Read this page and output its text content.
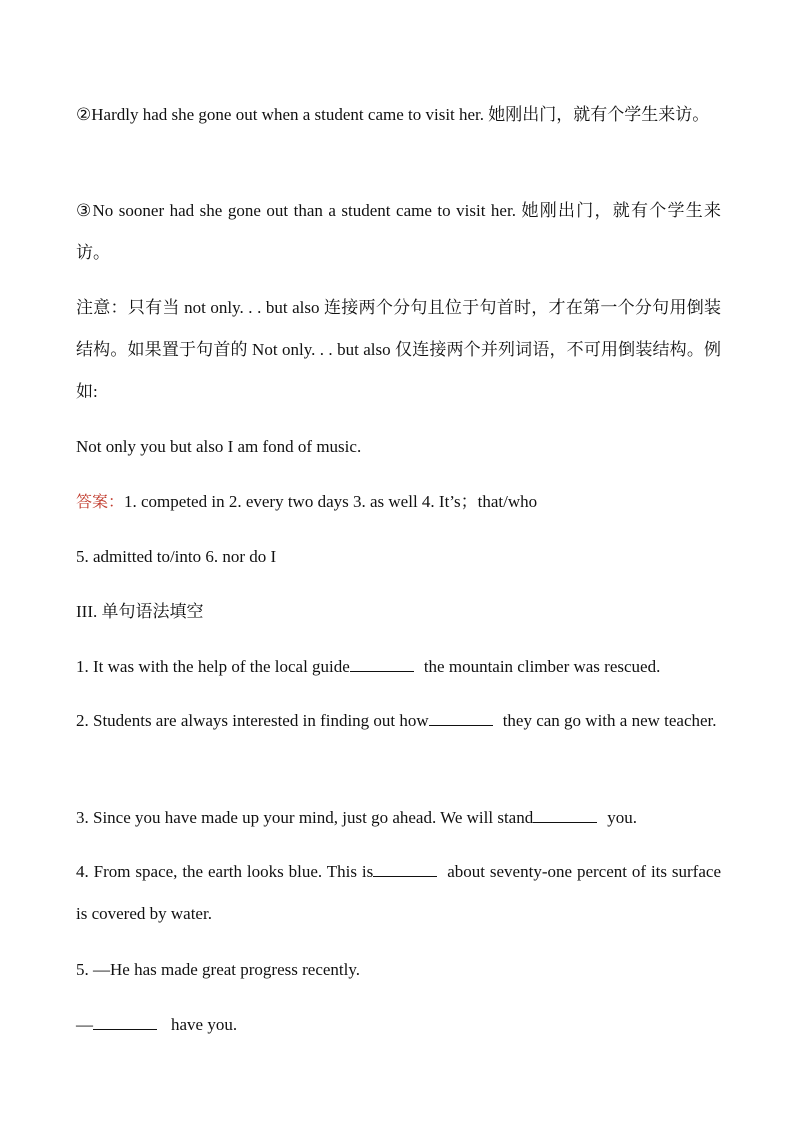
②Hardly had she gone out when a student came to visit her. 她刚出门，就有个学生来访。

③No sooner had she gone out than a student came to visit her. 她刚出门，就有个学生来访。

注意：只有当 not only. . . but also 连接两个分句且位于句首时，才在第一个分句用倒装结构。如果置于句首的 Not only. . . but also 仅连接两个并列词语，不可用倒装结构。例如:

Not only you but also I am fond of music.
答案：1. competed in 2. every two days 3. as well 4. It’s；that/who
5. admitted to/into 6. nor do I
III. 单句语法填空
1. It was with the help of the local guide	the mountain climber was rescued.

2. Students are always interested in finding out how	they can go with a new teacher.

3. Since you have made up your mind, just go ahead. We will stand	you.

4. From space, the earth looks blue. This is	about seventy-one percent of its surface is covered by water.

5. —He has made great progress recently.
—	have you.
